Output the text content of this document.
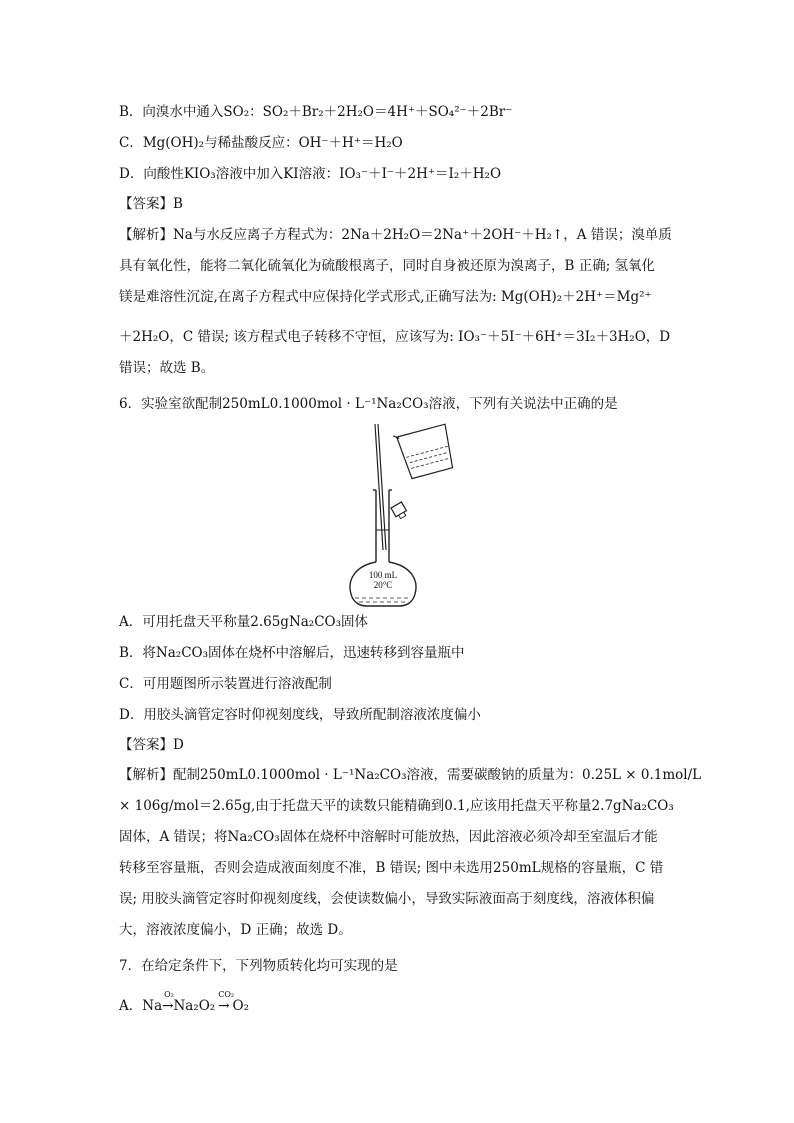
B．向溴水中通入SO₂：SO₂＋Br₂＋2H₂O＝4H⁺＋SO₄²⁻＋2Br⁻
C．Mg(OH)₂与稀盐酸反应：OH⁻＋H⁺＝H₂O
D．向酸性KIO₃溶液中加入KI溶液：IO₃⁻＋I⁻＋2H⁺＝I₂＋H₂O
【答案】B
【解析】Na与水反应离子方程式为：2Na＋2H₂O＝2Na⁺＋2OH⁻＋H₂↑，A 错误；溴单质
具有氧化性，能将二氧化硫氧化为硫酸根离子，同时自身被还原为溴离子，B 正确; 氢氧化
镁是难溶性沉淀,在离子方程式中应保持化学式形式,正确写法为: Mg(OH)₂＋2H⁺＝Mg²⁺
＋2H₂O，C 错误; 该方程式电子转移不守恒，应该写为: IO₃⁻＋5I⁻＋6H⁺＝3I₂＋3H₂O，D
错误；故选 B。
6．实验室欲配制250mL0.1000mol · L⁻¹Na₂CO₃溶液，下列有关说法中正确的是
100 mL
20°C
A．可用托盘天平称量2.65gNa₂CO₃固体
B．将Na₂CO₃固体在烧杯中溶解后，迅速转移到容量瓶中
C．可用题图所示装置进行溶液配制
D．用胶头滴管定容时仰视刻度线，导致所配制溶液浓度偏小
【答案】D
【解析】配制250mL0.1000mol · L⁻¹Na₂CO₃溶液，需要碳酸钠的质量为：0.25L × 0.1mol/L
× 106g/mol＝2.65g,由于托盘天平的读数只能精确到0.1,应该用托盘天平称量2.7gNa₂CO₃
固体，A 错误；将Na₂CO₃固体在烧杯中溶解时可能放热，因此溶液必须冷却至室温后才能
转移至容量瓶，否则会造成液面刻度不准，B 错误; 图中未选用250mL规格的容量瓶，C 错
误; 用胶头滴管定容时仰视刻度线，会使读数偏小，导致实际液面高于刻度线，溶液体积偏
大，溶液浓度偏小，D 正确；故选 D。
7．在给定条件下，下列物质转化均可实现的是
A．Na
O₂
→Na₂O₂
CO₂
→ O₂
